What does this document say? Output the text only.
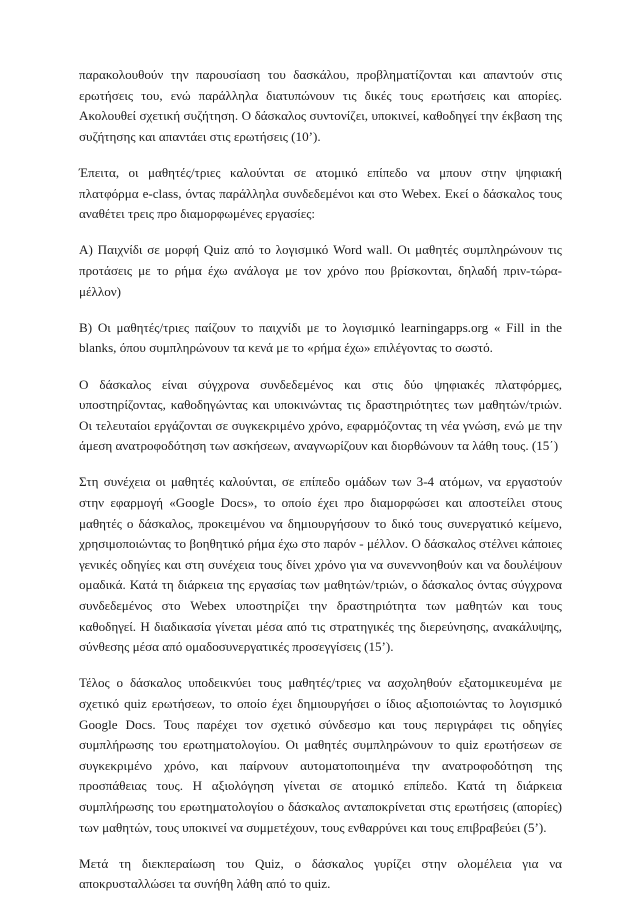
παρακολουθούν την παρουσίαση του δασκάλου, προβληματίζονται και απαντούν στις ερωτήσεις του, ενώ παράλληλα διατυπώνουν τις δικές τους ερωτήσεις και απορίες. Ακολουθεί σχετική συζήτηση. Ο δάσκαλος συντονίζει, υποκινεί, καθοδηγεί την έκβαση της συζήτησης και απαντάει στις ερωτήσεις (10’).

Έπειτα, οι μαθητές/τριες καλούνται σε ατομικό επίπεδο να μπουν στην ψηφιακή πλατφόρμα e-class, όντας παράλληλα συνδεδεμένοι και στο Webex. Εκεί ο δάσκαλος τους αναθέτει τρεις προ διαμορφωμένες εργασίες:

Α) Παιχνίδι σε μορφή Quiz από το λογισμικό Word wall. Οι μαθητές συμπληρώνουν τις προτάσεις με το ρήμα έχω ανάλογα με τον χρόνο που βρίσκονται, δηλαδή πριν-τώρα-μέλλον)

Β) Οι μαθητές/τριες παίζουν το παιχνίδι με το λογισμικό learningapps.org « Fill in the blanks, όπου συμπληρώνουν τα κενά με το «ρήμα έχω» επιλέγοντας το σωστό.

Ο δάσκαλος είναι σύγχρονα συνδεδεμένος και στις δύο ψηφιακές πλατφόρμες, υποστηρίζοντας, καθοδηγώντας και υποκινώντας τις δραστηριότητες των μαθητών/τριών. Οι τελευταίοι εργάζονται σε συγκεκριμένο χρόνο, εφαρμόζοντας τη νέα γνώση, ενώ με την άμεση ανατροφοδότηση των ασκήσεων, αναγνωρίζουν και διορθώνουν τα λάθη τους. (15΄)

Στη συνέχεια οι μαθητές καλούνται, σε επίπεδο ομάδων των 3-4 ατόμων, να εργαστούν στην εφαρμογή «Google Docs», το οποίο έχει προ διαμορφώσει και αποστείλει στους μαθητές ο δάσκαλος, προκειμένου να δημιουργήσουν το δικό τους συνεργατικό κείμενο, χρησιμοποιώντας το βοηθητικό ρήμα έχω στο παρόν - μέλλον. Ο δάσκαλος στέλνει κάποιες γενικές οδηγίες και στη συνέχεια τους δίνει χρόνο για να συνεννοηθούν και να δουλέψουν ομαδικά. Κατά τη διάρκεια της εργασίας των μαθητών/τριών, ο δάσκαλος όντας σύγχρονα συνδεδεμένος στο Webex υποστηρίζει την δραστηριότητα των μαθητών και τους καθοδηγεί. Η διαδικασία γίνεται μέσα από τις στρατηγικές της διερεύνησης, ανακάλυψης, σύνθεσης μέσα από ομαδοσυνεργατικές προσεγγίσεις (15’).

Τέλος ο δάσκαλος υποδεικνύει τους μαθητές/τριες να ασχοληθούν εξατομικευμένα με σχετικό quiz ερωτήσεων, το οποίο έχει δημιουργήσει ο ίδιος αξιοποιώντας το λογισμικό Google Docs. Τους παρέχει τον σχετικό σύνδεσμο και τους περιγράφει τις οδηγίες συμπλήρωσης του ερωτηματολογίου. Οι μαθητές συμπληρώνουν το quiz ερωτήσεων σε συγκεκριμένο χρόνο, και παίρνουν αυτοματοποιημένα την ανατροφοδότηση της προσπάθειας τους. Η αξιολόγηση γίνεται σε ατομικό επίπεδο. Κατά τη διάρκεια συμπλήρωσης του ερωτηματολογίου ο δάσκαλος ανταποκρίνεται στις ερωτήσεις (απορίες) των μαθητών, τους υποκινεί να συμμετέχουν, τους ενθαρρύνει και τους επιβραβεύει (5’).

Μετά τη διεκπεραίωση του Quiz, ο δάσκαλος γυρίζει στην ολομέλεια για να αποκρυσταλλώσει τα συνήθη λάθη από το quiz.
